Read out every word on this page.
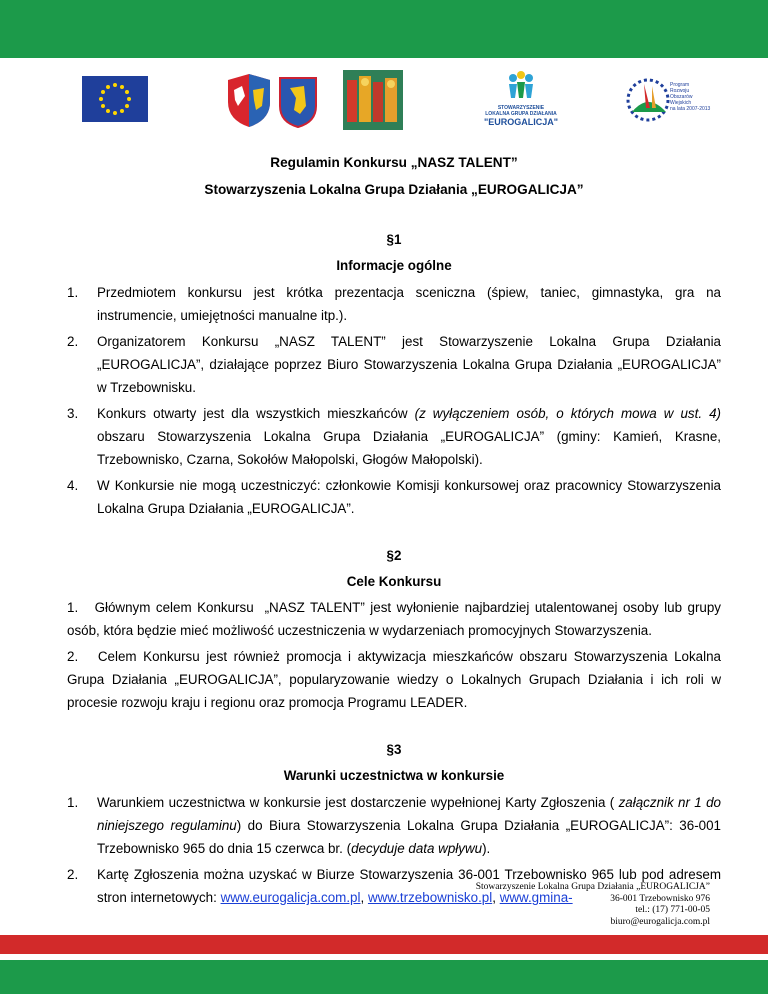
STOWARZYSZENIE
LOKALNA GRUPA DZIAŁANIA
"EUROGALICJA"
Program
Rozwoju
Obszarów
Wiejskich
na lata 2007-2013
Regulamin Konkursu „NASZ TALENT”
Stowarzyszenia Lokalna Grupa Działania „EUROGALICJA”
§1
Informacje ogólne
1. Przedmiotem konkursu jest krótka prezentacja sceniczna (śpiew, taniec, gimnastyka, gra na instrumencie, umiejętności manualne itp.).
2. Organizatorem Konkursu „NASZ TALENT” jest Stowarzyszenie Lokalna Grupa Działania „EUROGALICJA”, działające poprzez Biuro Stowarzyszenia Lokalna Grupa Działania „EUROGALICJA” w Trzebownisku.
3. Konkurs otwarty jest dla wszystkich mieszkańców (z wyłączeniem osób, o których mowa w ust. 4) obszaru Stowarzyszenia Lokalna Grupa Działania „EUROGALICJA” (gminy: Kamień, Krasne, Trzebownisko, Czarna, Sokołów Małopolski, Głogów Małopolski).
4. W Konkursie nie mogą uczestniczyć: członkowie Komisji konkursowej oraz pracownicy Stowarzyszenia Lokalna Grupa Działania „EUROGALICJA”.
§2
Cele Konkursu
1.   Głównym celem Konkursu  „NASZ TALENT” jest wyłonienie najbardziej utalentowanej osoby lub grupy osób, która będzie mieć możliwość uczestniczenia w wydarzeniach promocyjnych Stowarzyszenia.
2.   Celem Konkursu jest również promocja i aktywizacja mieszkańców obszaru Stowarzyszenia Lokalna Grupa Działania „EUROGALICJA”, popularyzowanie wiedzy o Lokalnych Grupach Działania i ich roli w procesie rozwoju kraju i regionu oraz promocja Programu LEADER.
§3
Warunki uczestnictwa w konkursie
1. Warunkiem uczestnictwa w konkursie jest dostarczenie wypełnionej Karty Zgłoszenia ( załącznik nr 1 do niniejszego regulaminu) do Biura Stowarzyszenia Lokalna Grupa Działania „EUROGALICJA”: 36-001 Trzebownisko 965 do dnia 15 czerwca br. (decyduje data wpływu).
2. Kartę Zgłoszenia można uzyskać w Biurze Stowarzyszenia 36-001 Trzebownisko 965 lub pod adresem stron internetowych: www.eurogalicja.com.pl, www.trzebownisko.pl, www.gmina-
Stowarzyszenie Lokalna Grupa Działania „EUROGALICJA”
36-001 Trzebownisko 976
tel.: (17) 771-00-05
biuro@eurogalicja.com.pl
